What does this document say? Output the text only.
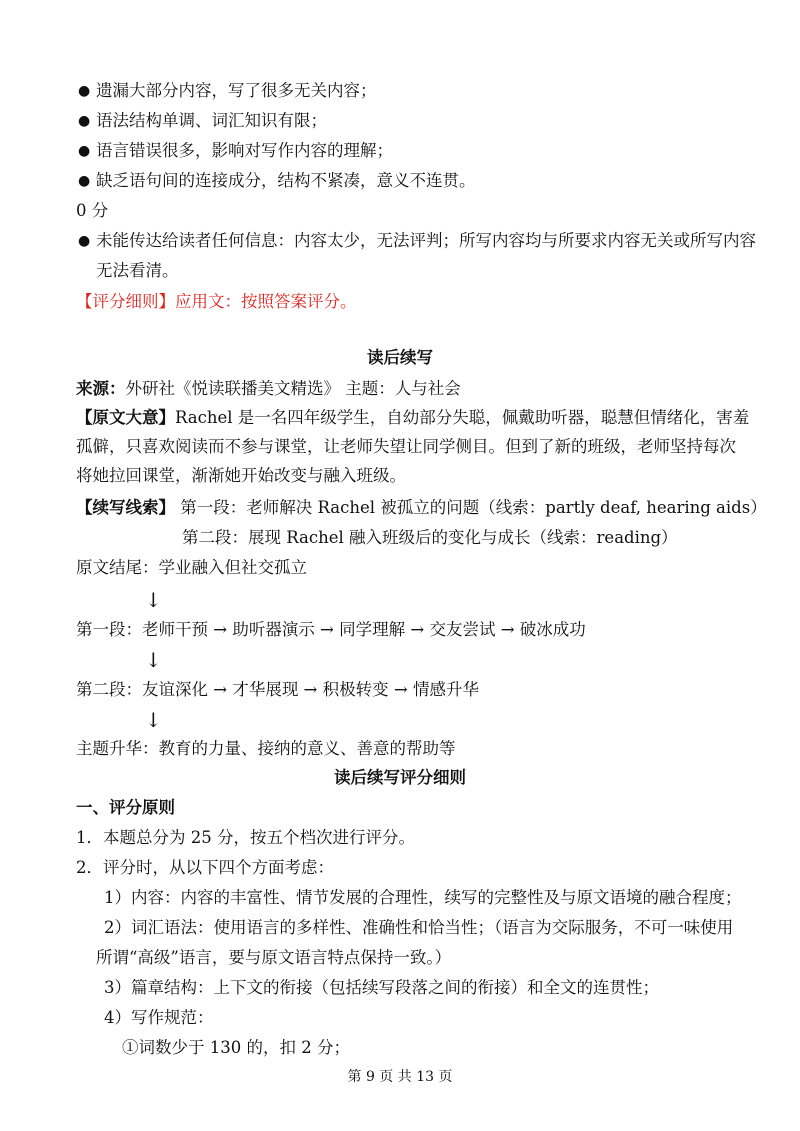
● 遗漏大部分内容，写了很多无关内容；
● 语法结构单调、词汇知识有限；
● 语言错误很多，影响对写作内容的理解；
● 缺乏语句间的连接成分，结构不紧凑，意义不连贯。
0 分
● 未能传达给读者任何信息：内容太少，无法评判；所写内容均与所要求内容无关或所写内容
无法看清。
【评分细则】应用文：按照答案评分。
读后续写
来源：外研社《悦读联播美文精选》 主题：人与社会
【原文大意】Rachel 是一名四年级学生，自幼部分失聪，佩戴助听器，聪慧但情绪化，害羞
孤僻，只喜欢阅读而不参与课堂，让老师失望让同学侧目。但到了新的班级，老师坚持每次
将她拉回课堂，渐渐她开始改变与融入班级。
【续写线索】 第一段：老师解决 Rachel 被孤立的问题（线索：partly deaf, hearing aids）
第二段：展现 Rachel 融入班级后的变化与成长（线索：reading）
原文结尾：学业融入但社交孤立
↓
第一段：老师干预 → 助听器演示 → 同学理解 → 交友尝试 → 破冰成功
↓
第二段：友谊深化 → 才华展现 → 积极转变 → 情感升华
↓
主题升华：教育的力量、接纳的意义、善意的帮助等
读后续写评分细则
一、评分原则
1．本题总分为 25 分，按五个档次进行评分。
2．评分时，从以下四个方面考虑：
1）内容：内容的丰富性、情节发展的合理性，续写的完整性及与原文语境的融合程度；
2）词汇语法：使用语言的多样性、准确性和恰当性；（语言为交际服务，不可一味使用
所谓“高级”语言，要与原文语言特点保持一致。）
3）篇章结构：上下文的衔接（包括续写段落之间的衔接）和全文的连贯性；
4）写作规范：
①词数少于 130 的，扣 2 分；
第 9 页 共 13 页
